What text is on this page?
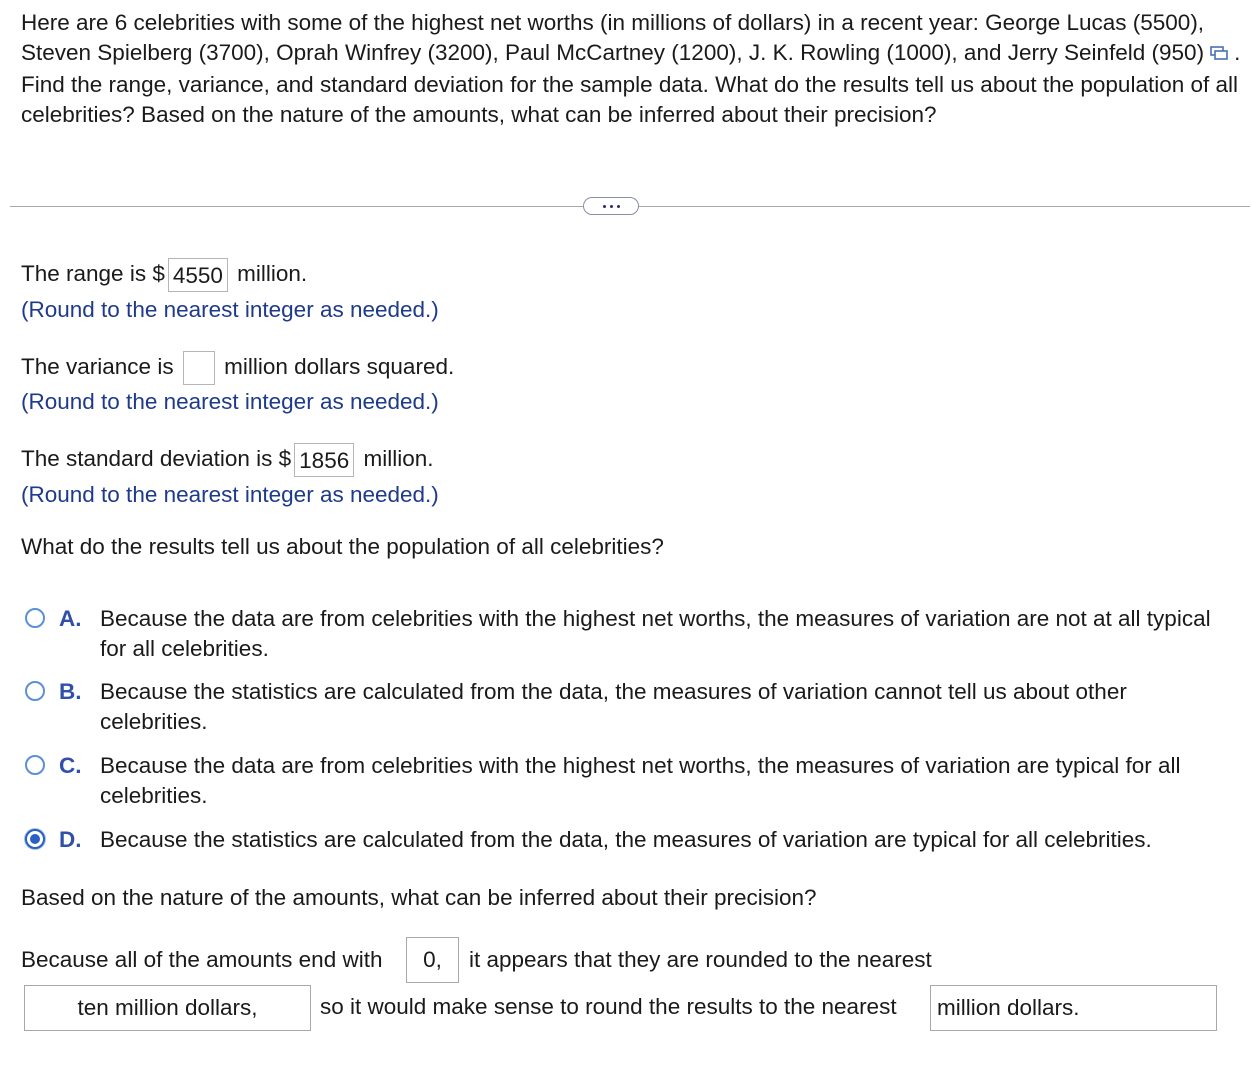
Here are 6 celebrities with some of the highest net worths (in millions of dollars) in a recent year: George Lucas (5500), Steven Spielberg (3700), Oprah Winfrey (3200), Paul McCartney (1200), J. K. Rowling (1000), and Jerry Seinfeld (950) . Find the range, variance, and standard deviation for the sample data. What do the results tell us about the population of all celebrities? Based on the nature of the amounts, what can be inferred about their precision?
The range is $ 4550 million.
(Round to the nearest integer as needed.)
The variance is million dollars squared.
(Round to the nearest integer as needed.)
The standard deviation is $ 1856 million.
(Round to the nearest integer as needed.)
What do the results tell us about the population of all celebrities?
A. Because the data are from celebrities with the highest net worths, the measures of variation are not at all typical for all celebrities.
B. Because the statistics are calculated from the data, the measures of variation cannot tell us about other celebrities.
C. Because the data are from celebrities with the highest net worths, the measures of variation are typical for all celebrities.
D. Because the statistics are calculated from the data, the measures of variation are typical for all celebrities.
Based on the nature of the amounts, what can be inferred about their precision?
Because all of the amounts end with	0,	it appears that they are rounded to the nearest
ten million dollars,	so it would make sense to round the results to the nearest	million dollars.
